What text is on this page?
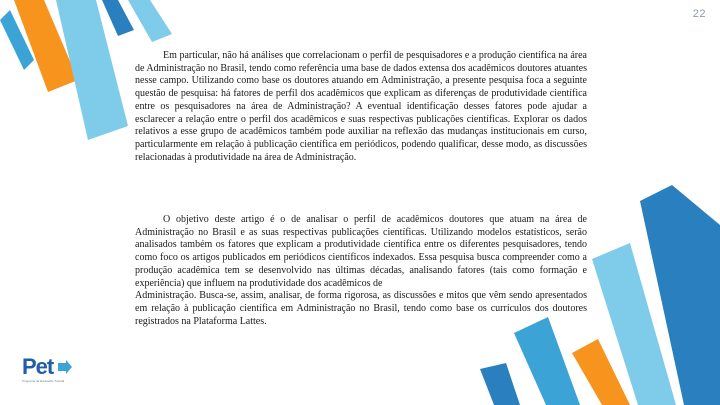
22

Em particular, não há análises que correlacionam o perfil de pesquisadores e a produção científica na área de Administração no Brasil, tendo como referência uma base de dados extensa dos acadêmicos doutores atuantes nesse campo. Utilizando como base os doutores atuando em Administração, a presente pesquisa foca a seguinte questão de pesquisa: há fatores de perfil dos acadêmicos que explicam as diferenças de produtividade científica entre os pesquisadores na área de Administração? A eventual identificação desses fatores pode ajudar a esclarecer a relação entre o perfil dos acadêmicos e suas respectivas publicações científicas. Explorar os dados relativos a esse grupo de acadêmicos também pode auxiliar na reflexão das mudanças institucionais em curso, particularmente em relação à publicação científica em periódicos, podendo qualificar, desse modo, as discussões relacionadas à produtividade na área de Administração.

O objetivo deste artigo é o de analisar o perfil de acadêmicos doutores que atuam na área de Administração no Brasil e as suas respectivas publicações científicas. Utilizando modelos estatísticos, serão analisados também os fatores que explicam a produtividade científica entre os diferentes pesquisadores, tendo como foco os artigos publicados em periódicos científicos indexados. Essa pesquisa busca compreender como a produção acadêmica tem se desenvolvido nas últimas décadas, analisando fatores (tais como formação e experiência) que influem na produtividade dos acadêmicos de

Administração. Busca-se, assim, analisar, de forma rigorosa, as discussões e mitos que vêm sendo apresentados em relação à publicação científica em Administração no Brasil, tendo como base os currículos dos doutores registrados na Plataforma Lattes.

Pet
Programa de Educação Tutorial
